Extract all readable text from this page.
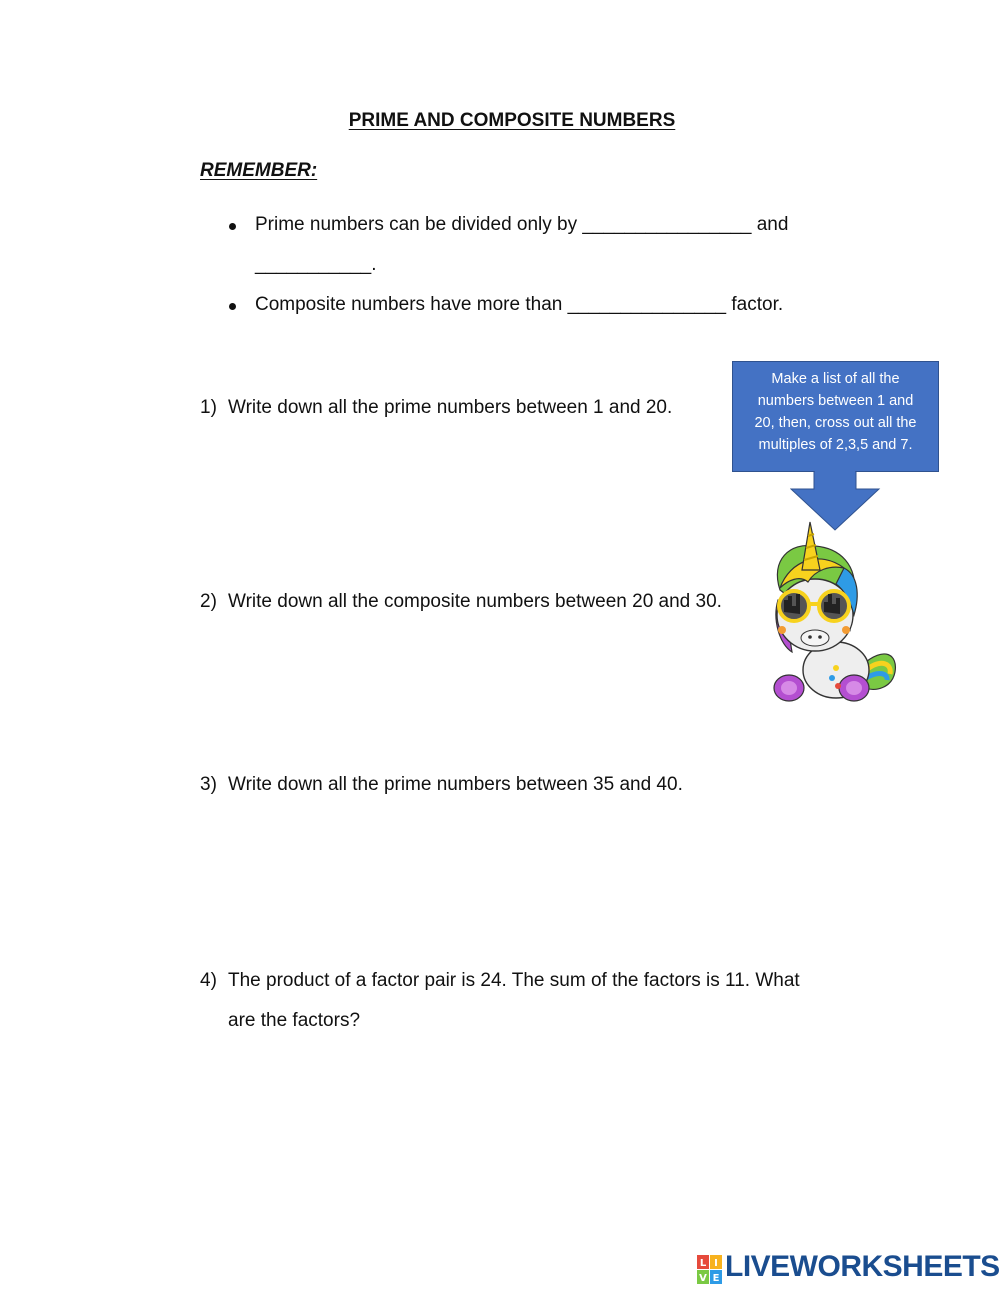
PRIME AND COMPOSITE NUMBERS
REMEMBER:
Prime numbers can be divided only by ________________ and
___________.
Composite numbers have more than _______________ factor.
1) Write down all the prime numbers between 1 and 20.
2) Write down all the composite numbers between 20 and 30.
3) Write down all the prime numbers between 35 and 40.
4) The product of a factor pair is 24. The sum of the factors is 11. What
are the factors?
Make a list of all the
numbers between 1 and
20, then, cross out all the
multiples of 2,3,5 and 7.
L I
V E LIVEWORKSHEETS
